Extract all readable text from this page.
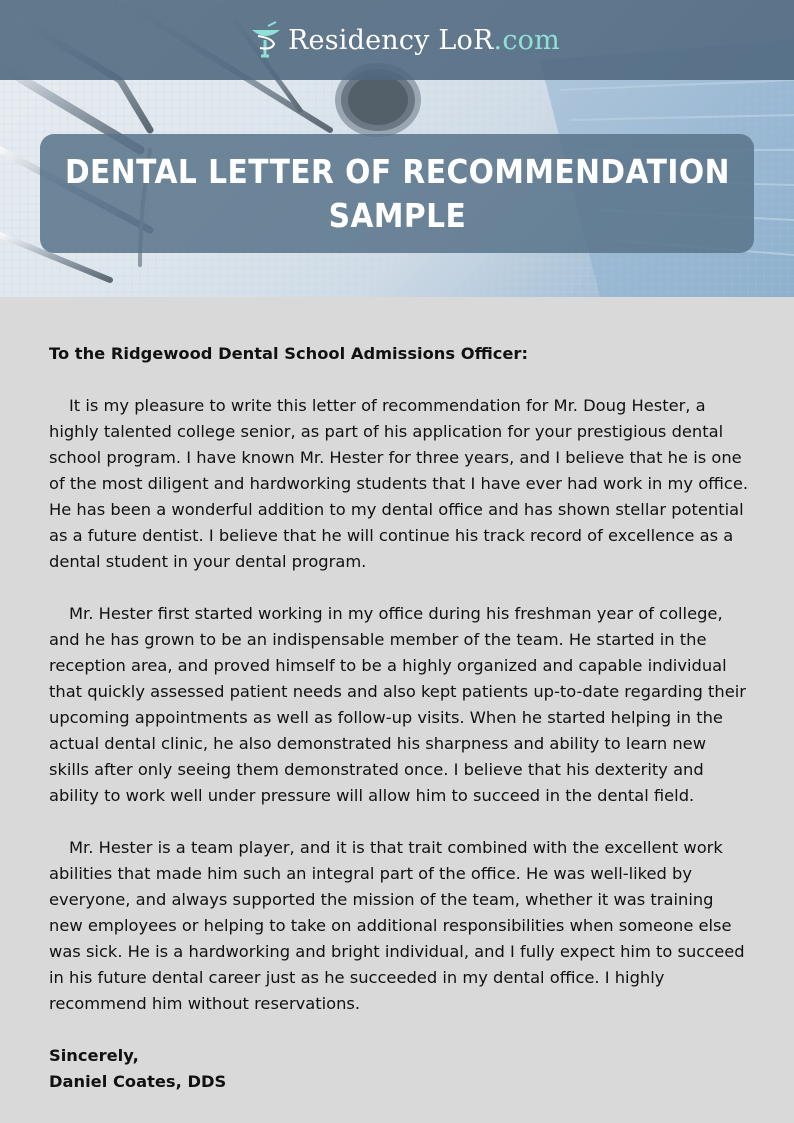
Residency LoR.com
DENTAL LETTER OF RECOMMENDATION
SAMPLE

To the Ridgewood Dental School Admissions Officer:

It is my pleasure to write this letter of recommendation for Mr. Doug Hester, a highly talented college senior, as part of his application for your prestigious dental school program. I have known Mr. Hester for three years, and I believe that he is one of the most diligent and hardworking students that I have ever had work in my office. He has been a wonderful addition to my dental office and has shown stellar potential as a future dentist. I believe that he will continue his track record of excellence as a dental student in your dental program.

Mr. Hester first started working in my office during his freshman year of college, and he has grown to be an indispensable member of the team. He started in the reception area, and proved himself to be a highly organized and capable individual that quickly assessed patient needs and also kept patients up-to-date regarding their upcoming appointments as well as follow-up visits. When he started helping in the actual dental clinic, he also demonstrated his sharpness and ability to learn new skills after only seeing them demonstrated once. I believe that his dexterity and ability to work well under pressure will allow him to succeed in the dental field.

Mr. Hester is a team player, and it is that trait combined with the excellent work abilities that made him such an integral part of the office. He was well-liked by everyone, and always supported the mission of the team, whether it was training new employees or helping to take on additional responsibilities when someone else was sick. He is a hardworking and bright individual, and I fully expect him to succeed in his future dental career just as he succeeded in my dental office. I highly recommend him without reservations.

Sincerely,

Daniel Coates, DDS
